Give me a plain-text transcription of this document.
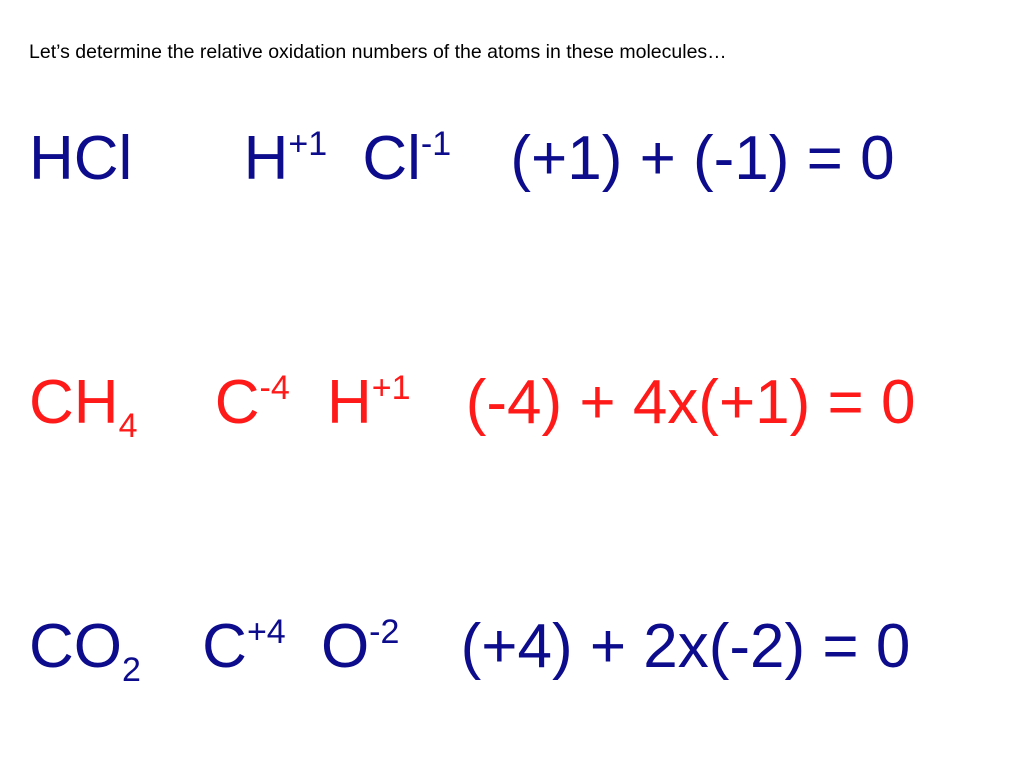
Let’s determine the relative oxidation numbers of the atoms in these molecules…
HCl H+1 Cl-1 (+1) + (-1) = 0
CH4 C-4 H+1 (-4) + 4x(+1) = 0
CO2 C+4 O-2 (+4) + 2x(-2) = 0
